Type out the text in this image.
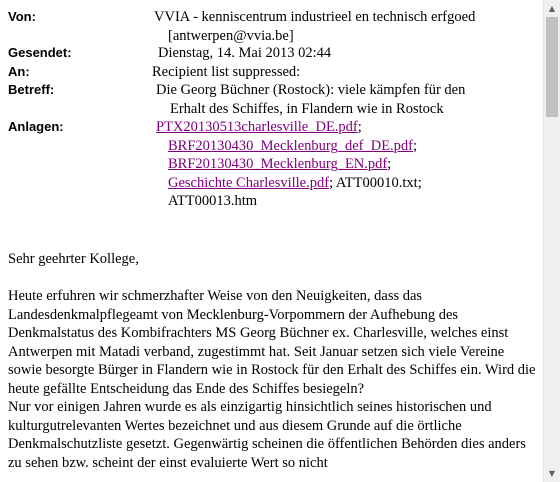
Von:	VVIA - kenniscentrum industrieel en technisch erfgoed
[antwerpen@vvia.be]
Gesendet:	Dienstag, 14. Mai 2013 02:44
An:	Recipient list suppressed:
Betreff:	Die Georg Büchner (Rostock): viele kämpfen für den
Erhalt des Schiffes, in Flandern wie in Rostock
Anlagen:	PTX20130513charlesville_DE.pdf;
BRF20130430_Mecklenburg_def_DE.pdf;
BRF20130430_Mecklenburg_EN.pdf;
Geschichte Charlesville.pdf; ATT00010.txt;
ATT00013.htm

Sehr geehrter Kollege,

Heute erfuhren wir schmerzhafter Weise von den Neuigkeiten, dass das Landesdenkmalpflegeamt von Mecklenburg-Vorpommern der Aufhebung des Denkmalstatus des Kombifrachters MS Georg Büchner ex. Charlesville, welches einst Antwerpen mit Matadi verband, zugestimmt hat. Seit Januar setzen sich viele Vereine sowie besorgte Bürger in Flandern wie in Rostock für den Erhalt des Schiffes ein. Wird die heute gefällte Entscheidung das Ende des Schiffes besiegeln?

Nur vor einigen Jahren wurde es als einzigartig hinsichtlich seines historischen und kulturgutrelevanten Wertes bezeichnet und aus diesem Grunde auf die örtliche Denkmalschutzliste gesetzt. Gegenwärtig scheinen die öffentlichen Behörden dies anders zu sehen bzw. scheint der einst evaluierte Wert so nicht

▲
▼
